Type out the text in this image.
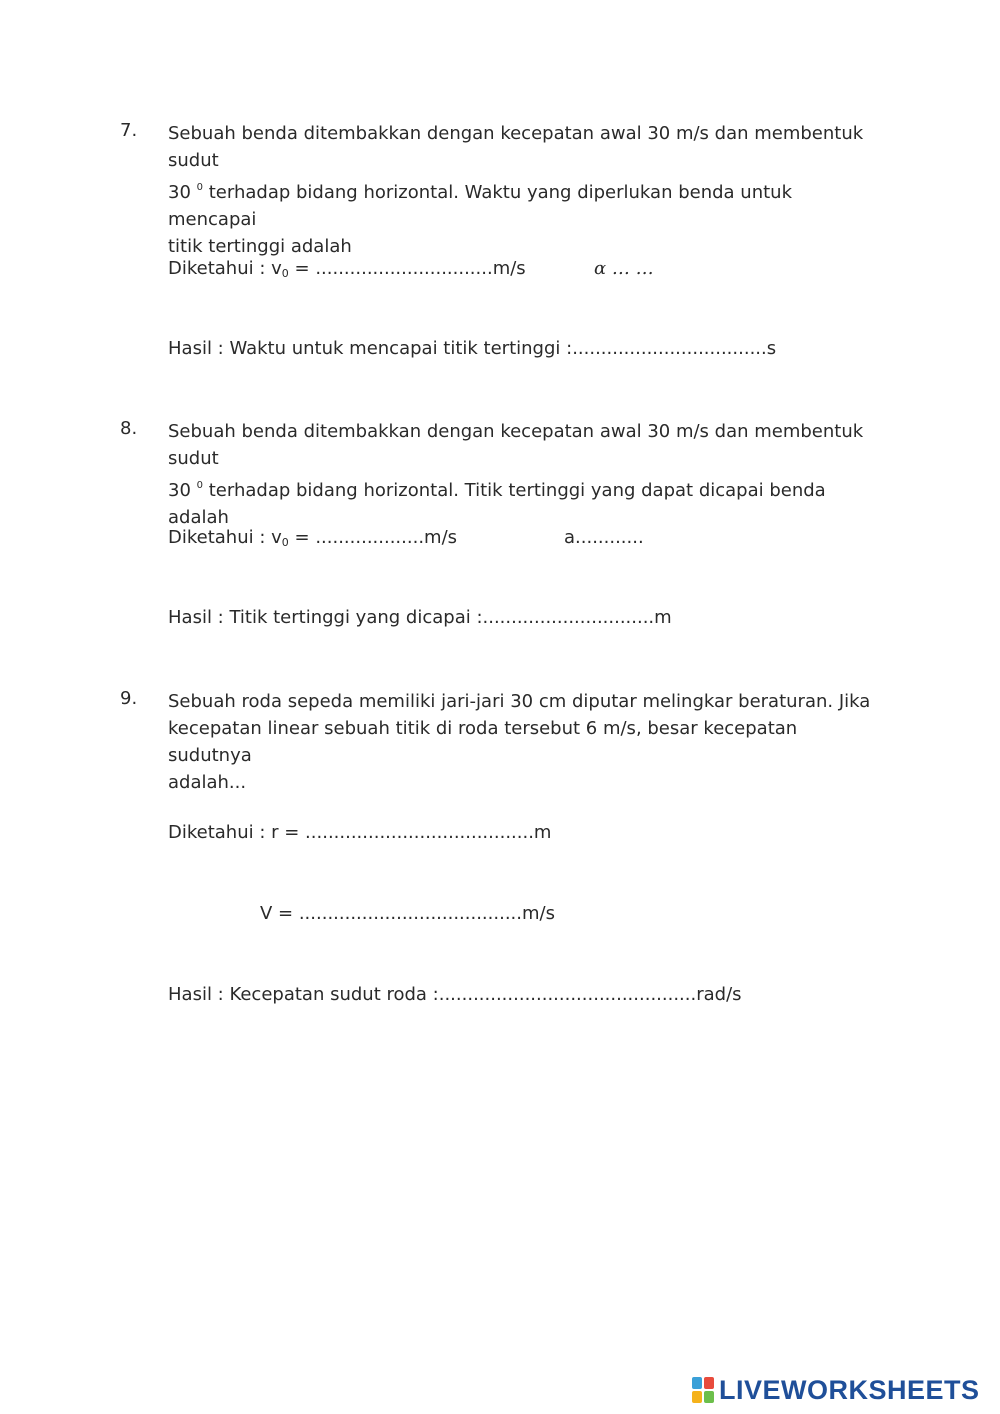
7. Sebuah benda ditembakkan dengan kecepatan awal 30 m/s dan membentuk sudut
30 $^0$ terhadap bidang horizontal. Waktu yang diperlukan benda untuk mencapai
titik tertinggi adalah
Diketahui : $v_0 = ...............................m/s$	α … …
Hasil : Waktu untuk mencapai titik tertinggi :..................................s
8. Sebuah benda ditembakkan dengan kecepatan awal 30 m/s dan membentuk sudut
30 $^0$ terhadap bidang horizontal. Titik tertinggi yang dapat dicapai benda adalah
Diketahui : $v_0 = ...................m/s$	a............
Hasil : Titik tertinggi yang dicapai :..............................m
9. Sebuah roda sepeda memiliki jari-jari 30 cm diputar melingkar beraturan. Jika
kecepatan linear sebuah titik di roda tersebut 6 m/s, besar kecepatan sudutnya
adalah...
Diketahui : r = ........................................m
V = .......................................m/s
Hasil : Kecepatan sudut roda :.............................................rad/s
LIVEWORKSHEETS
